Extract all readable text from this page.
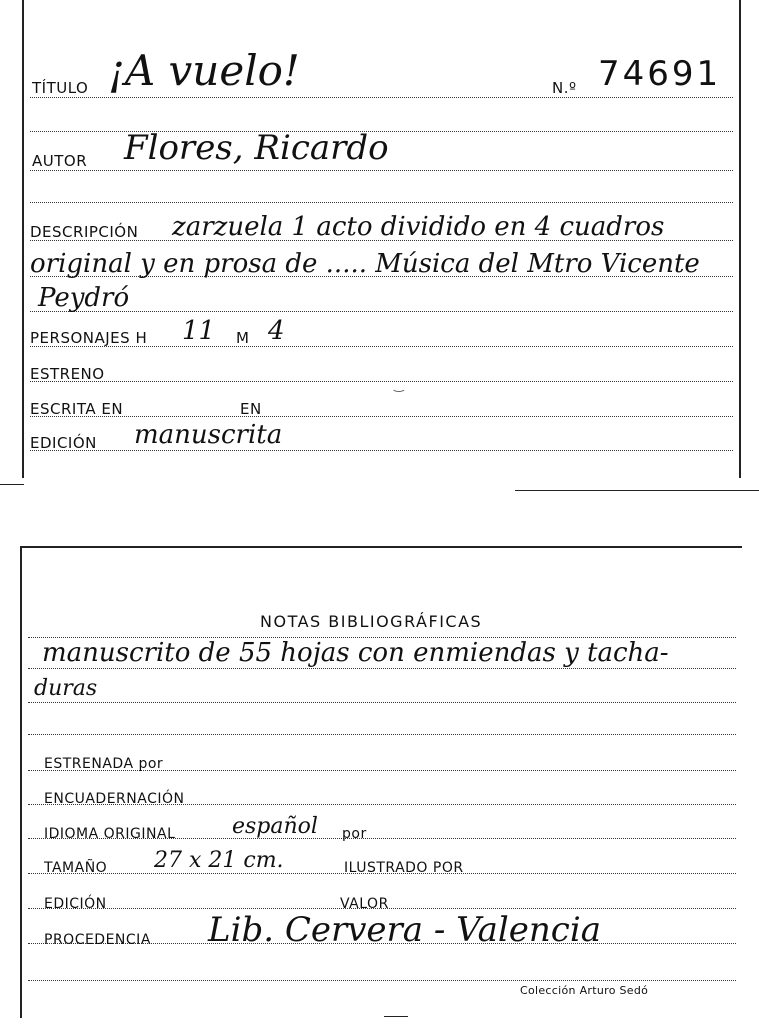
TÍTULO ¡A vuelo!	N.º 74691
AUTOR Flores, Ricardo
DESCRIPCIÓN zarzuela 1 acto dividido en 4 cuadros
original y en prosa de ..... Música del Mtro Vicente
Peydró
PERSONAJES H 11 M 4
ESTRENO
ESCRITA EN	EN
EDICIÓN manuscrita
‿
NOTAS BIBLIOGRÁFICAS
manuscrito de 55 hojas con enmiendas y tacha-
duras
ESTRENADA por
ENCUADERNACIÓN
IDIOMA ORIGINAL	español por
TAMAÑO 27 x 21 cm.	ILUSTRADO POR
EDICIÓN	VALOR
PROCEDENCIA Lib. Cervera - Valencia
Colección Arturo Sedó
